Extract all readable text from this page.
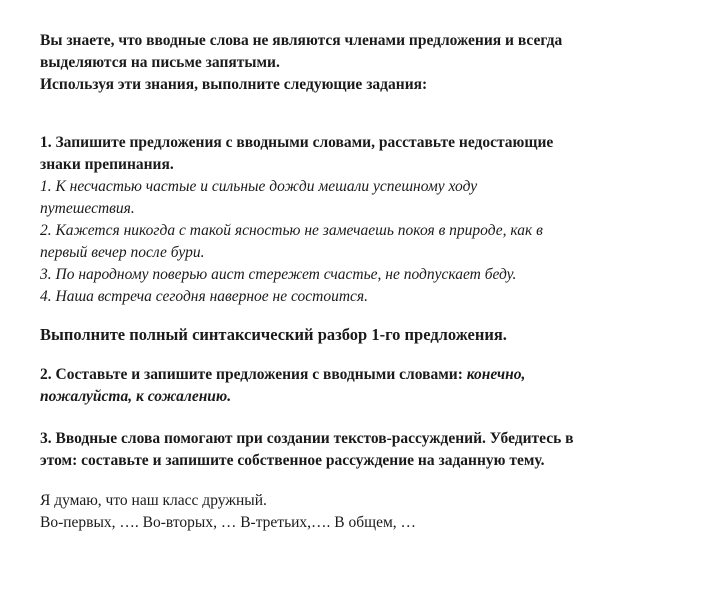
Вы знаете, что вводные слова не являются членами предложения и всегда
выделяются на письме запятыми.
Используя эти знания, выполните следующие задания:
1. Запишите предложения с вводными словами, расставьте недостающие
знаки препинания.
1. К несчастью частые и сильные дожди мешали успешному ходу
путешествия.
2. Кажется никогда с такой ясностью не замечаешь покоя в природе, как в
первый вечер после бури.
3. По народному поверью аист стережет счастье, не подпускает беду.
4. Наша встреча сегодня наверное не состоится.
Выполните полный синтаксический разбор 1-го предложения.
2. Составьте и запишите предложения с вводными словами: конечно,
пожалуйста, к сожалению.
3. Вводные слова помогают при создании текстов-рассуждений. Убедитесь в
этом: составьте и запишите собственное рассуждение на заданную тему.
Я думаю, что наш класс дружный.
Во-первых, …. Во-вторых, … В-третьих,…. В общем, …
